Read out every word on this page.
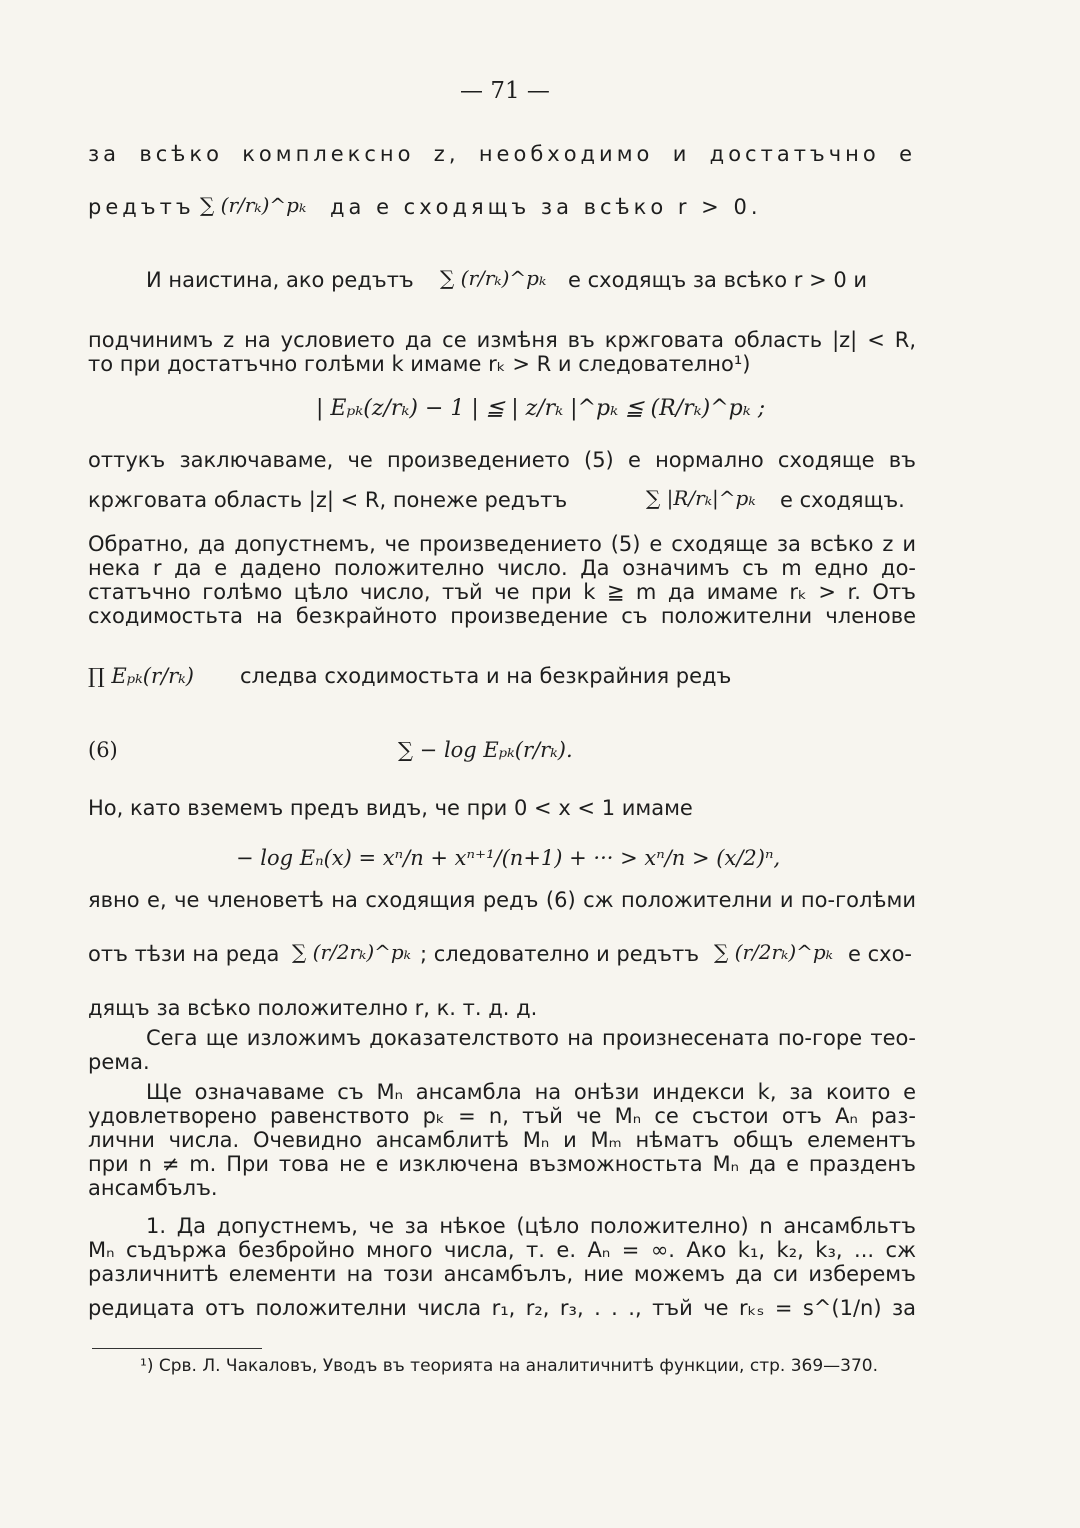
— 71 —
за всѣко комплексно z, необходимо и достатъчно е
редътъ ∑ (r/rₖ)^pₖ да е сходящъ за всѣко r > 0.
И наистина, ако редътъ ∑ (r/rₖ)^pₖ е сходящъ за всѣко r > 0 и
подчинимъ z на условието да се измѣня въ кржговата область |z| < R,
то при достатъчно голѣми k имаме rₖ > R и следователно¹)
| Eₚₖ(z/rₖ) − 1 | ≦ | z/rₖ |^pₖ ≦ (R/rₖ)^pₖ ;
оттукъ заключаваме, че произведението (5) е нормално сходяще въ
кржговата область |z| < R, понеже редътъ	∑ |R/rₖ|^pₖ е сходящъ.
Обратно, да допустнемъ, че произведението (5) е сходяще за всѣко z и
нека r да е дадено положително число. Да означимъ съ m едно до-
статъчно голѣмо цѣло число, тъй че при k ≧ m да имаме rₖ > r. Отъ
сходимостьта на безкрайното произведение съ положителни членове
∏ Eₚₖ(r/rₖ) следва сходимостьта и на безкрайния редъ
(6)	∑ − log Eₚₖ(r/rₖ).
Но, като вземемъ предъ видъ, че при 0 < x < 1 имаме
− log Eₙ(x) = xⁿ/n + xⁿ⁺¹/(n+1) + ··· > xⁿ/n > (x/2)ⁿ,
явно е, че членоветѣ на сходящия редъ (6) сж положителни и по-голѣми
отъ тѣзи на реда ∑ (r/2rₖ)^pₖ ; следователно и редътъ ∑ (r/2rₖ)^pₖ е схо-
дящъ за всѣко положително r, к. т. д. д.
Сега ще изложимъ доказателството на произнесената по-горе тео-
рема.
Ще означаваме съ Mₙ ансамбла на онѣзи индекси k, за които е
удовлетворено равенството pₖ = n, тъй че Mₙ се състои отъ Aₙ раз-
лични числа. Очевидно ансамблитѣ Mₙ и Mₘ нѣматъ общъ елементъ
при n ≠ m. При това не е изключена възможностьта Mₙ да е празденъ
ансамбълъ.
1. Да допустнемъ, че за нѣкое (цѣло положително) n ансамбльтъ
Mₙ съдържа безбройно много числа, т. е. Aₙ = ∞. Ако k₁, k₂, k₃, ... сж
различнитѣ елементи на този ансамбълъ, ние можемъ да си изберемъ
редицата отъ положителни числа r₁, r₂, r₃, . . ., тъй че rₖₛ = s^(1/n) за
¹) Срв. Л. Чакаловъ, Уводъ въ теорията на аналитичнитѣ функции, стр. 369—370.
